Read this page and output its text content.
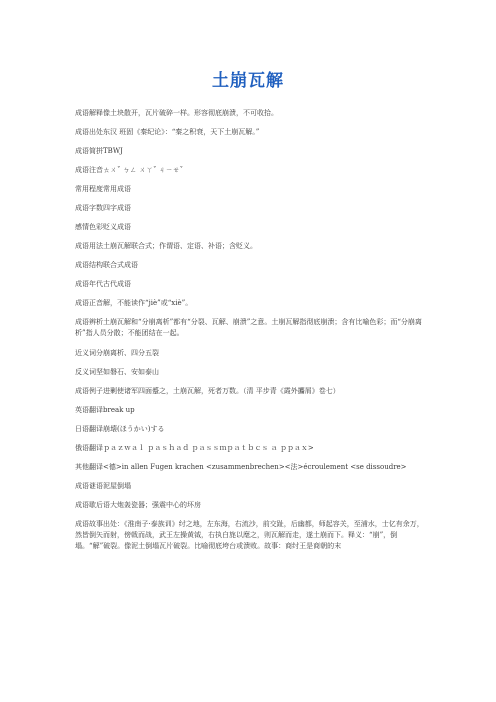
土崩瓦解
成语解释像土块散开，瓦片破碎一样。形容彻底崩溃，不可收拾。
成语出处东汉 班固《秦纪论》：“秦之积衰，天下土崩瓦解。”
成语简拼TBWJ
成语注音ㄊㄨˇ ㄅㄥ ㄨㄚˇ ㄐㄧㄝˇ
常用程度常用成语
成语字数四字成语
感情色彩贬义成语
成语用法土崩瓦解联合式；作谓语、定语、补语；含贬义。
成语结构联合式成语
成语年代古代成语
成语正音解，不能读作“jiè”或“xiè”。
成语辨析土崩瓦解和“分崩离析”都有“分裂、瓦解、崩溃”之意。土崩瓦解指彻底崩溃；含有比喻色彩；而“分崩离析”指人员分散；不能团结在一起。
近义词分崩离析、四分五裂
反义词坚如磐石、安如泰山
成语例子进剿使诸军四面蹙之，土崩瓦解，死者万数。（清 平步青《霞外攟屑》卷七）
英语翻译break up
日语翻译崩壊(ほうかい)する
俄语翻译ｐａｚｗａｌ ｐａｓｈａｄ ｐａｓｓｍｐａｔｂｃｓ ａ ｐｐａｘ>
其他翻译<德>in allen Fugen krachen <zusammenbrechen><法>écroulement <se dissoudre>
成语谜语泥屋倒塌
成语歇后语大炮轰瓷器；强震中心的坏房
成语故事出处：《淮南子·泰族训》纣之地，左东海，右流沙，前交趾，后幽都，师起容关，至浦水，士亿有余万，然皆倒矢而射，傍戟而战，武王左操黄钺，右执白旄以麾之，则瓦解而走，遂土崩而下。释义：“崩”，倒塌。“解”破裂。像泥土倒塌瓦片破裂。比喻彻底垮台或溃败。故事：商纣王是商朝的末
